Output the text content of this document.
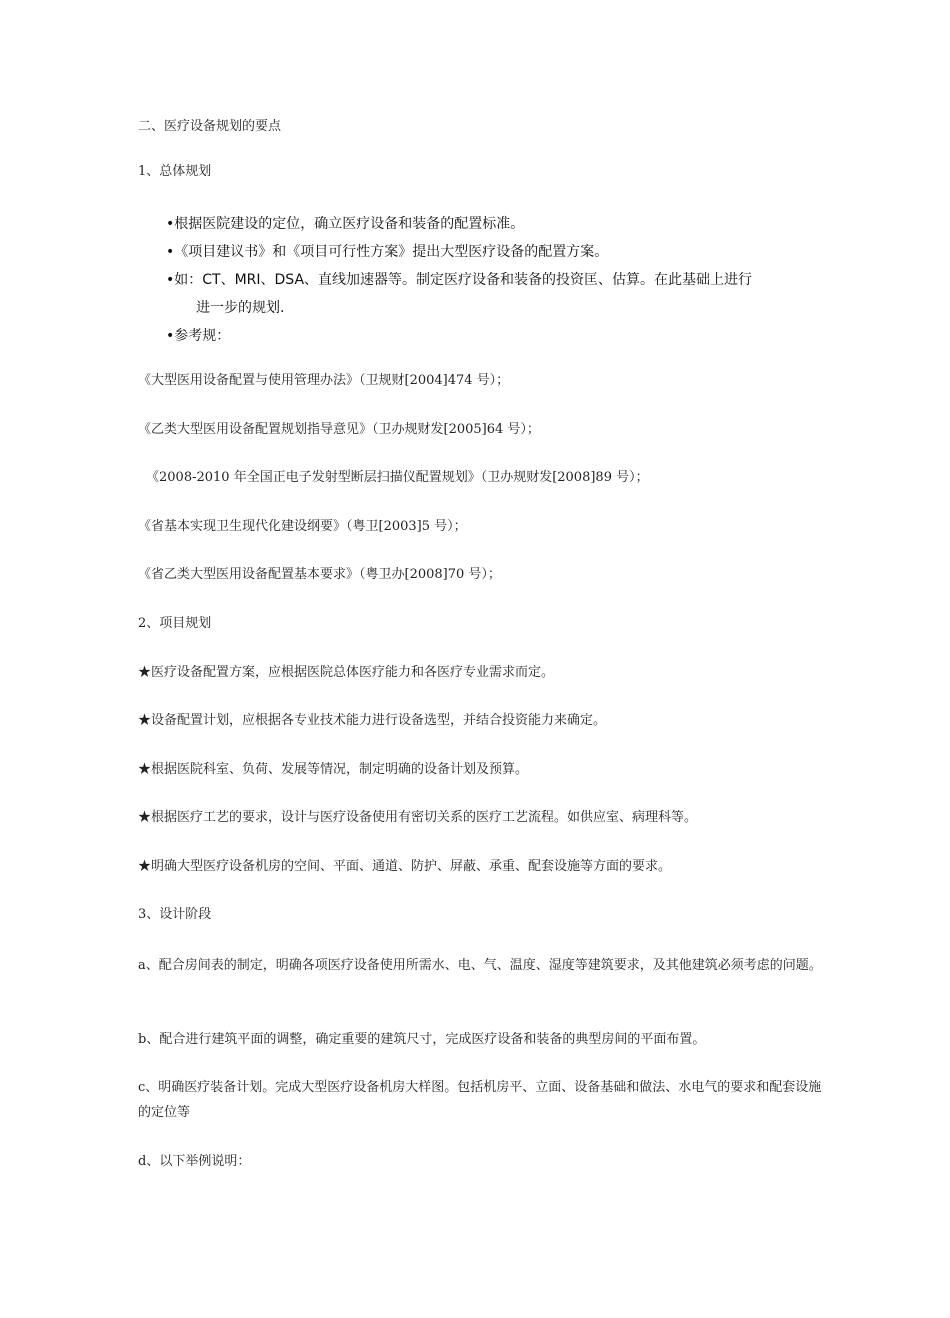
二、医疗设备规划的要点
1、总体规划
•根据医院建设的定位，确立医疗设备和装备的配置标准。
•《项目建议书》和《项目可行性方案》提出大型医疗设备的配置方案。
•如：CT、MRI、DSA、直线加速器等。制定医疗设备和装备的投资匡、估算。在此基础上进行
进一步的规划.
•参考规：
《大型医用设备配置与使用管理办法》（卫规财[2004]474 号）；
《乙类大型医用设备配置规划指导意见》（卫办规财发[2005]64 号）；
《2008-2010 年全国正电子发射型断层扫描仪配置规划》（卫办规财发[2008]89 号）；
《省基本实现卫生现代化建设纲要》（粤卫[2003]5 号）；
《省乙类大型医用设备配置基本要求》（粤卫办[2008]70 号）；
2、项目规划
★医疗设备配置方案，应根据医院总体医疗能力和各医疗专业需求而定。
★设备配置计划，应根据各专业技术能力进行设备选型，并结合投资能力来确定。
★根据医院科室、负荷、发展等情况，制定明确的设备计划及预算。
★根据医疗工艺的要求，设计与医疗设备使用有密切关系的医疗工艺流程。如供应室、病理科等。
★明确大型医疗设备机房的空间、平面、通道、防护、屏蔽、承重、配套设施等方面的要求。
3、设计阶段
a、配合房间表的制定，明确各项医疗设备使用所需水、电、气、温度、湿度等建筑要求，及其他建筑必须考虑的问题。
b、配合进行建筑平面的调整，确定重要的建筑尺寸，完成医疗设备和装备的典型房间的平面布置。
c、明确医疗装备计划。完成大型医疗设备机房大样图。包括机房平、立面、设备基础和做法、水电气的要求和配套设施的定位等
d、以下举例说明：
